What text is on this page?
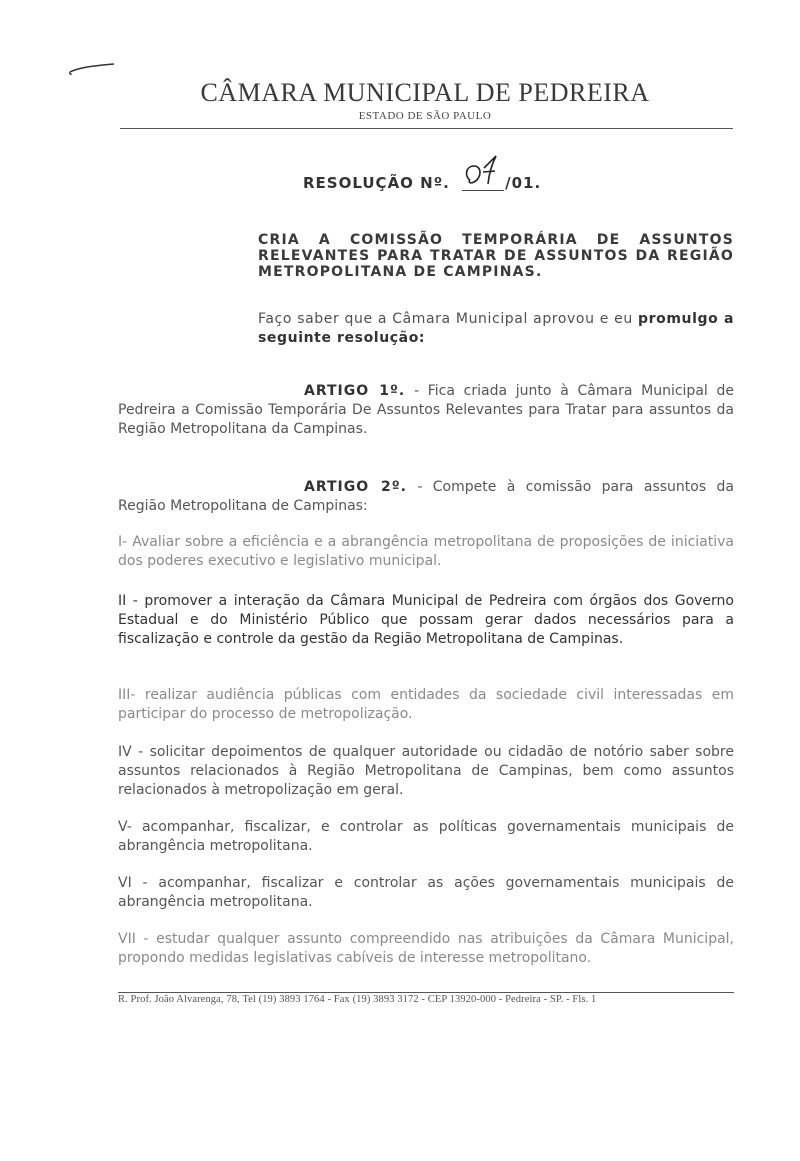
CÂMARA MUNICIPAL DE PEDREIRA
ESTADO DE SÃO PAULO
RESOLUÇÃO Nº.	/01.
CRIA A COMISSÃO TEMPORÁRIA DE ASSUNTOS RELEVANTES PARA TRATAR DE ASSUNTOS DA REGIÃO METROPOLITANA DE CAMPINAS.
Faço saber que a Câmara Municipal aprovou e eu promulgo a seguinte resolução:
ARTIGO 1º. - Fica criada junto à Câmara Municipal de Pedreira a Comissão Temporária De Assuntos Relevantes para Tratar para assuntos da Região Metropolitana da Campinas.
ARTIGO 2º. - Compete à comissão para assuntos da Região Metropolitana de Campinas:
I- Avaliar sobre a eficiência e a abrangência metropolitana de proposições de iniciativa dos poderes executivo e legislativo municipal.
II - promover a interação da Câmara Municipal de Pedreira com órgãos dos Governo Estadual e do Ministério Público que possam gerar dados necessários para a fiscalização e controle da gestão da Região Metropolitana de Campinas.
III- realizar audiência públicas com entidades da sociedade civil interessadas em participar do processo de metropolização.
IV - solicitar depoimentos de qualquer autoridade ou cidadão de notório saber sobre assuntos relacionados à Região Metropolitana de Campinas, bem como assuntos relacionados à metropolização em geral.
V- acompanhar, fiscalizar, e controlar as políticas governamentais municipais de abrangência metropolitana.
VI - acompanhar, fiscalizar e controlar as ações governamentais municipais de abrangência metropolitana.
VII - estudar qualquer assunto compreendido nas atribuições da Câmara Municipal, propondo medidas legislativas cabíveis de interesse metropolitano.
R. Prof. João Alvarenga, 78, Tel (19) 3893 1764 - Fax (19) 3893 3172 - CEP 13920-000 - Pedreira - SP. - Fls. 1
